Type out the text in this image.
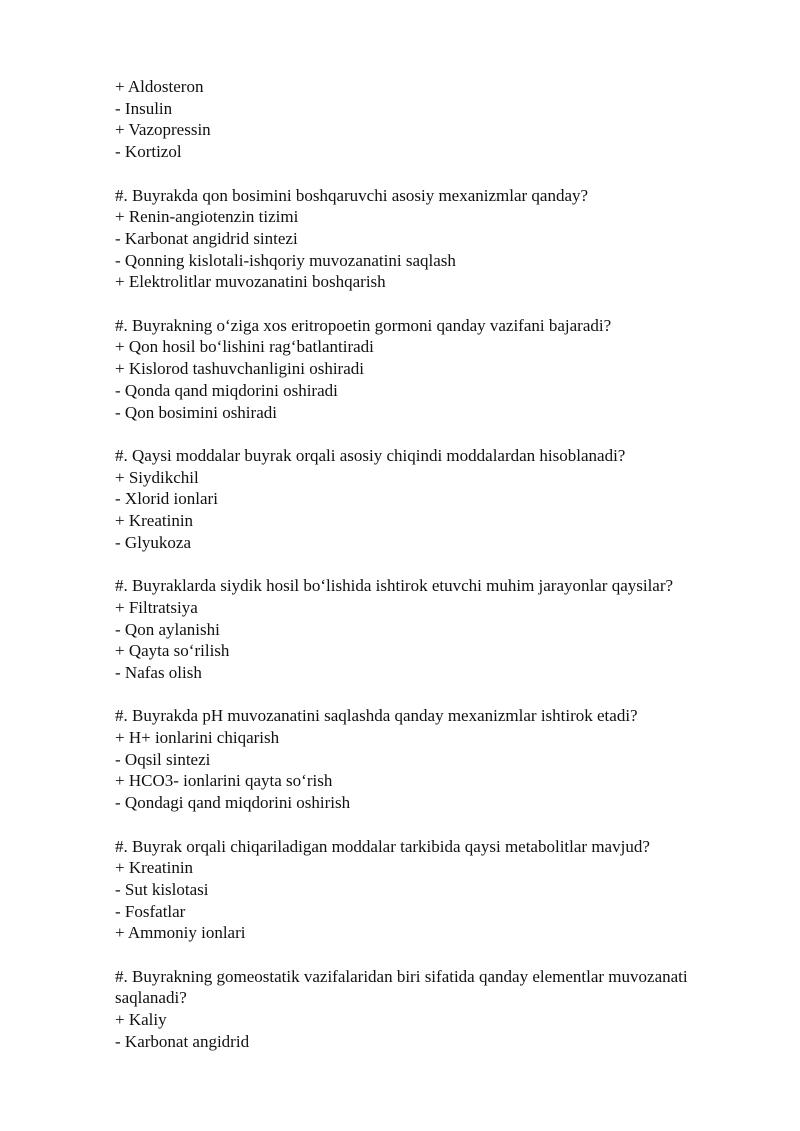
+ Aldosteron
- Insulin
+ Vazopressin
- Kortizol
#. Buyrakda qon bosimini boshqaruvchi asosiy mexanizmlar qanday?
+ Renin-angiotenzin tizimi
- Karbonat angidrid sintezi
- Qonning kislotali-ishqoriy muvozanatini saqlash
+ Elektrolitlar muvozanatini boshqarish
#. Buyrakning o‘ziga xos eritropoetin gormoni qanday vazifani bajaradi?
+ Qon hosil bo‘lishini rag‘batlantiradi
+ Kislorod tashuvchanligini oshiradi
- Qonda qand miqdorini oshiradi
- Qon bosimini oshiradi
#. Qaysi moddalar buyrak orqali asosiy chiqindi moddalardan hisoblanadi?
+ Siydikchil
- Xlorid ionlari
+ Kreatinin
- Glyukoza
#. Buyraklarda siydik hosil bo‘lishida ishtirok etuvchi muhim jarayonlar qaysilar?
+ Filtratsiya
- Qon aylanishi
+ Qayta so‘rilish
- Nafas olish
#. Buyrakda pH muvozanatini saqlashda qanday mexanizmlar ishtirok etadi?
+ H+ ionlarini chiqarish
- Oqsil sintezi
+ HCO3- ionlarini qayta so‘rish
- Qondagi qand miqdorini oshirish
#. Buyrak orqali chiqariladigan moddalar tarkibida qaysi metabolitlar mavjud?
+ Kreatinin
- Sut kislotasi
- Fosfatlar
+ Ammoniy ionlari
#. Buyrakning gomeostatik vazifalaridan biri sifatida qanday elementlar muvozanati saqlanadi?
+ Kaliy
- Karbonat angidrid
